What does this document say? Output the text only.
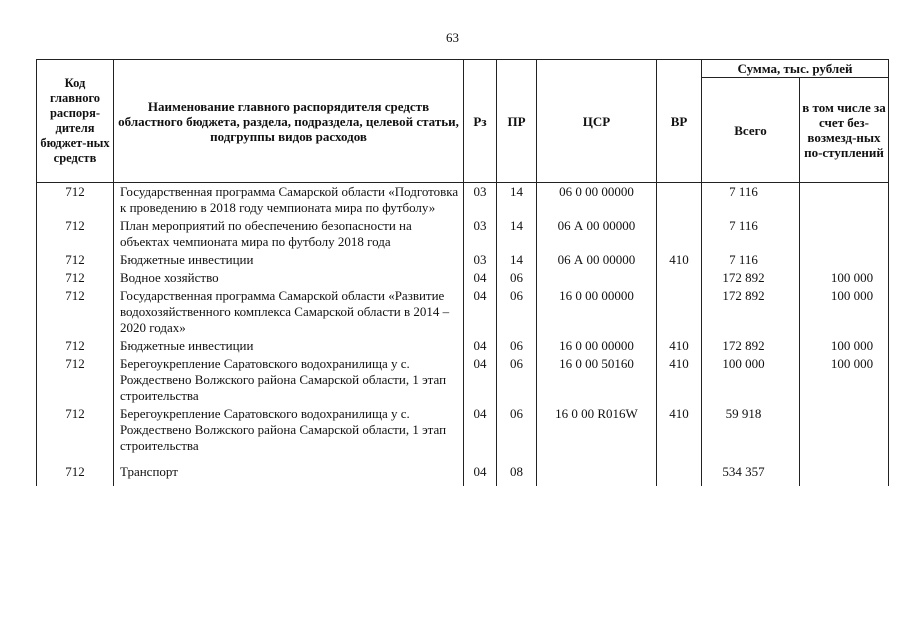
63
Код главного распоря-дителя бюджет-ных средств	Наименование главного распорядителя средств областного бюджета, раздела, подраздела, целевой статьи, подгруппы видов расходов	Рз	ПР	ЦСР	ВР	Сумма, тыс. рублей	
						Всего	в том числе за счет без-возмезд-ных по-ступлений
712	Государственная программа Самарской области «Подготовка к проведению в 2018 году чемпионата мира по футболу»	03	14	06 0 00 00000		7 116	
712	План мероприятий по обеспечению безопасности на объектах чемпионата мира по футболу 2018 года	03	14	06 А 00 00000		7 116	
712	Бюджетные инвестиции	03	14	06 А 00 00000	410	7 116	
712	Водное хозяйство	04	06			172 892	100 000
712	Государственная программа Самарской области «Развитие водохозяйственного комплекса Самарской области в 2014 – 2020 годах»	04	06	16 0 00 00000		172 892	100 000
712	Бюджетные инвестиции	04	06	16 0 00 00000	410	172 892	100 000
712	Берегоукрепление Саратовского водохранилища у с. Рождествено Волжского района Самарской области, 1 этап строительства	04	06	16 0 00 50160	410	100 000	100 000
712	Берегоукрепление Саратовского водохранилища у с. Рождествено Волжского района Самарской области, 1 этап строительства	04	06	16 0 00 R016W	410	59 918	
712	Транспорт	04	08			534 357	
